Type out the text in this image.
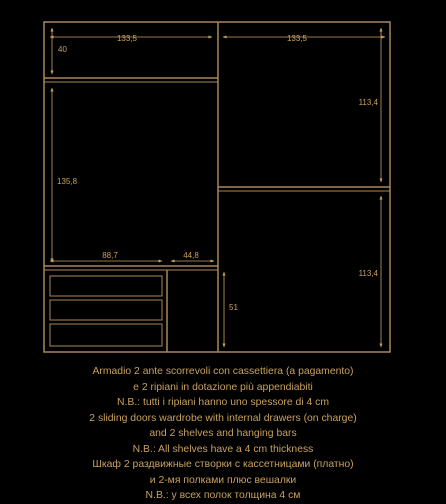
133,5	133,5
40
113,4
135,8
113,4
88,7	44,8
51
Armadio 2 ante scorrevoli con cassettiera (a pagamento)
e 2 ripiani in dotazione più appendiabiti
N.B.: tutti i ripiani hanno uno spessore di 4 cm
2 sliding doors wardrobe with internal drawers (on charge)
and 2 shelves and hanging bars
N.B.: All shelves have a 4 cm thickness
Шкаф 2 раздвижные створки с кассетницами (платно)
и 2-мя полками плюс вешалки
N.B.: у всех полок толщина 4 см
